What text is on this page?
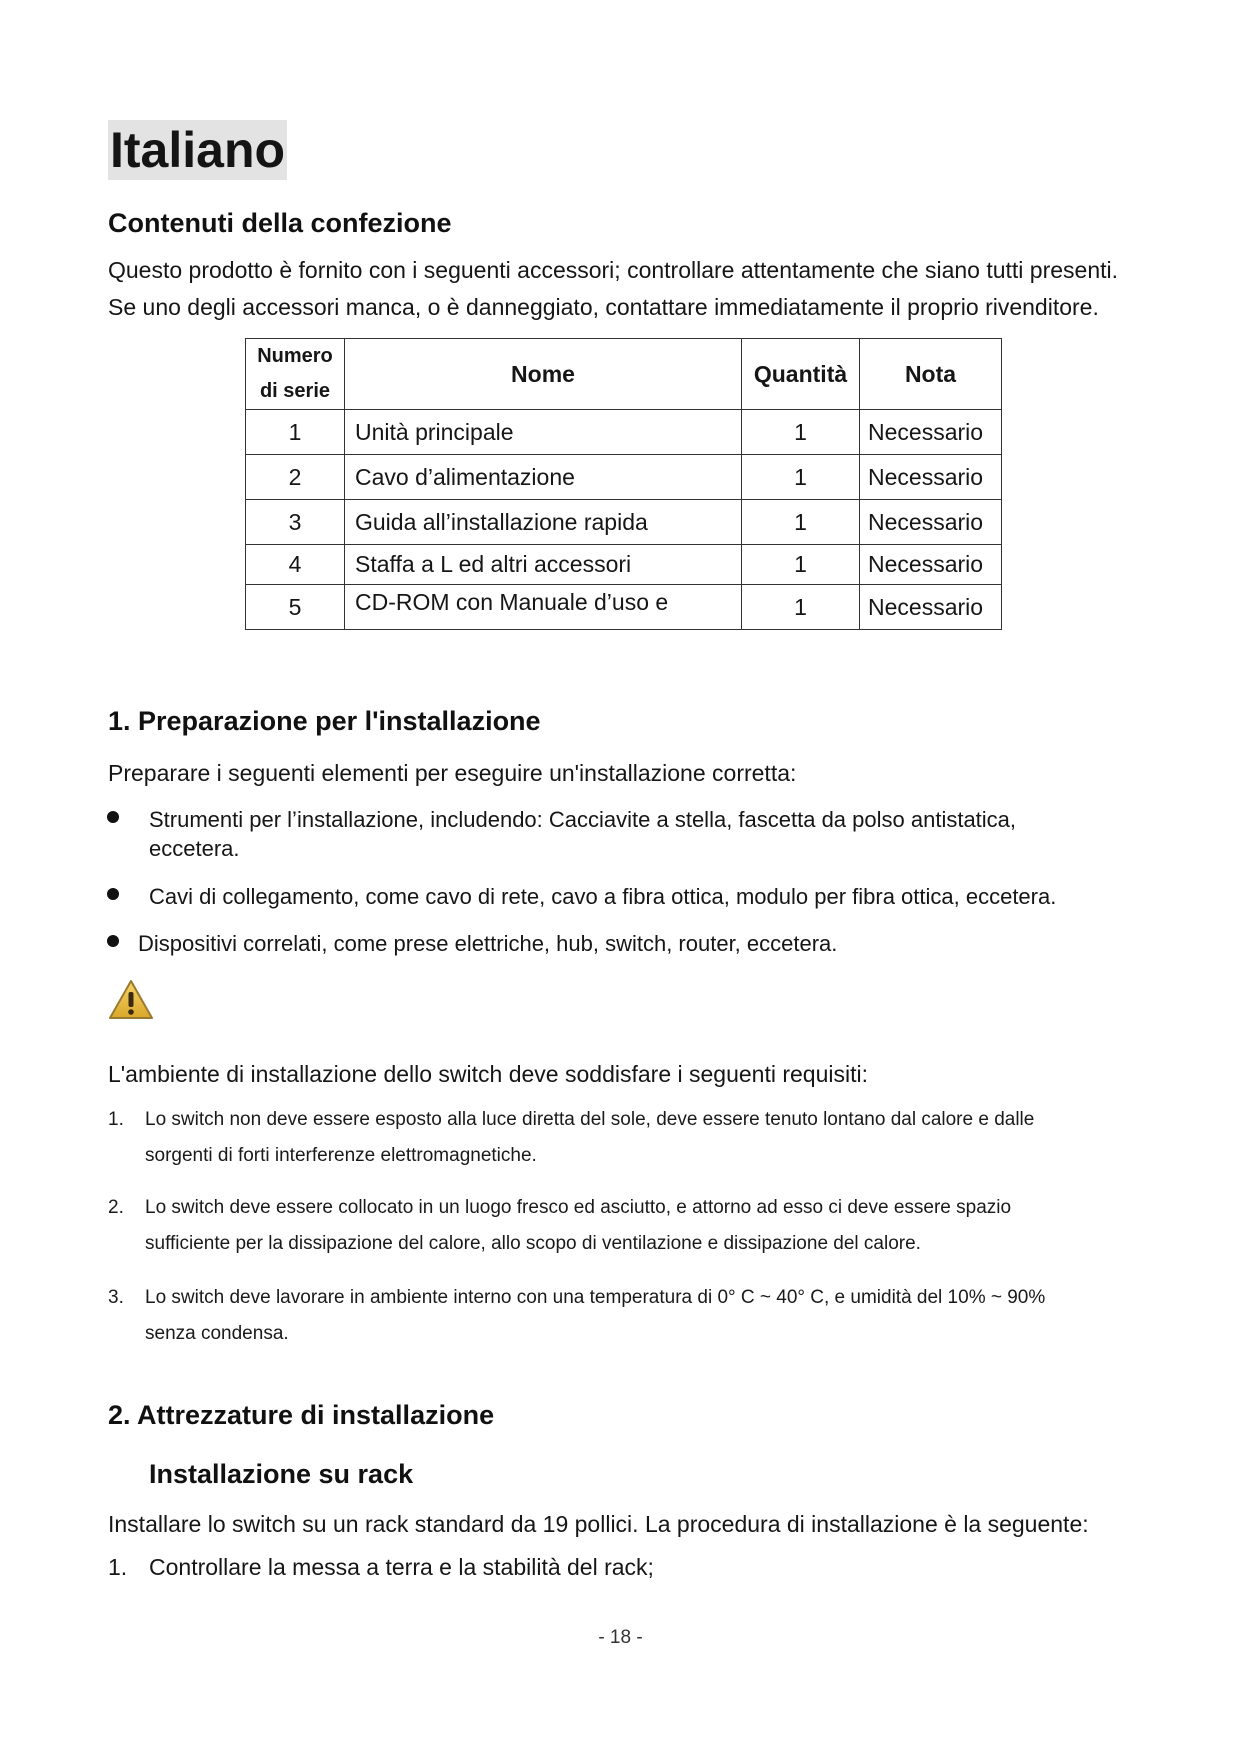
Italiano
Contenuti della confezione
Questo prodotto è fornito con i seguenti accessori; controllare attentamente che siano tutti presenti.
Se uno degli accessori manca, o è danneggiato, contattare immediatamente il proprio rivenditore.
Numero
di serie	Nome	Quantità	Nota
1	Unità principale	1	Necessario
2	Cavo d’alimentazione	1	Necessario
3	Guida all’installazione rapida	1	Necessario
4	Staffa a L ed altri accessori	1	Necessario
5	CD-ROM con Manuale d’uso e	1	Necessario
1. Preparazione per l'installazione
Preparare i seguenti elementi per eseguire un'installazione corretta:
Strumenti per l’installazione, includendo: Cacciavite a stella, fascetta da polso antistatica,
eccetera.
Cavi di collegamento, come cavo di rete, cavo a fibra ottica, modulo per fibra ottica, eccetera.
Dispositivi correlati, come prese elettriche, hub, switch, router, eccetera.
L'ambiente di installazione dello switch deve soddisfare i seguenti requisiti:
1. Lo switch non deve essere esposto alla luce diretta del sole, deve essere tenuto lontano dal calore e dalle
sorgenti di forti interferenze elettromagnetiche.
2. Lo switch deve essere collocato in un luogo fresco ed asciutto, e attorno ad esso ci deve essere spazio
sufficiente per la dissipazione del calore, allo scopo di ventilazione e dissipazione del calore.
3. Lo switch deve lavorare in ambiente interno con una temperatura di 0° C ~ 40° C, e umidità del 10% ~ 90%
senza condensa.
2. Attrezzature di installazione
Installazione su rack
Installare lo switch su un rack standard da 19 pollici. La procedura di installazione è la seguente:
1. Controllare la messa a terra e la stabilità del rack;
- 18 -
